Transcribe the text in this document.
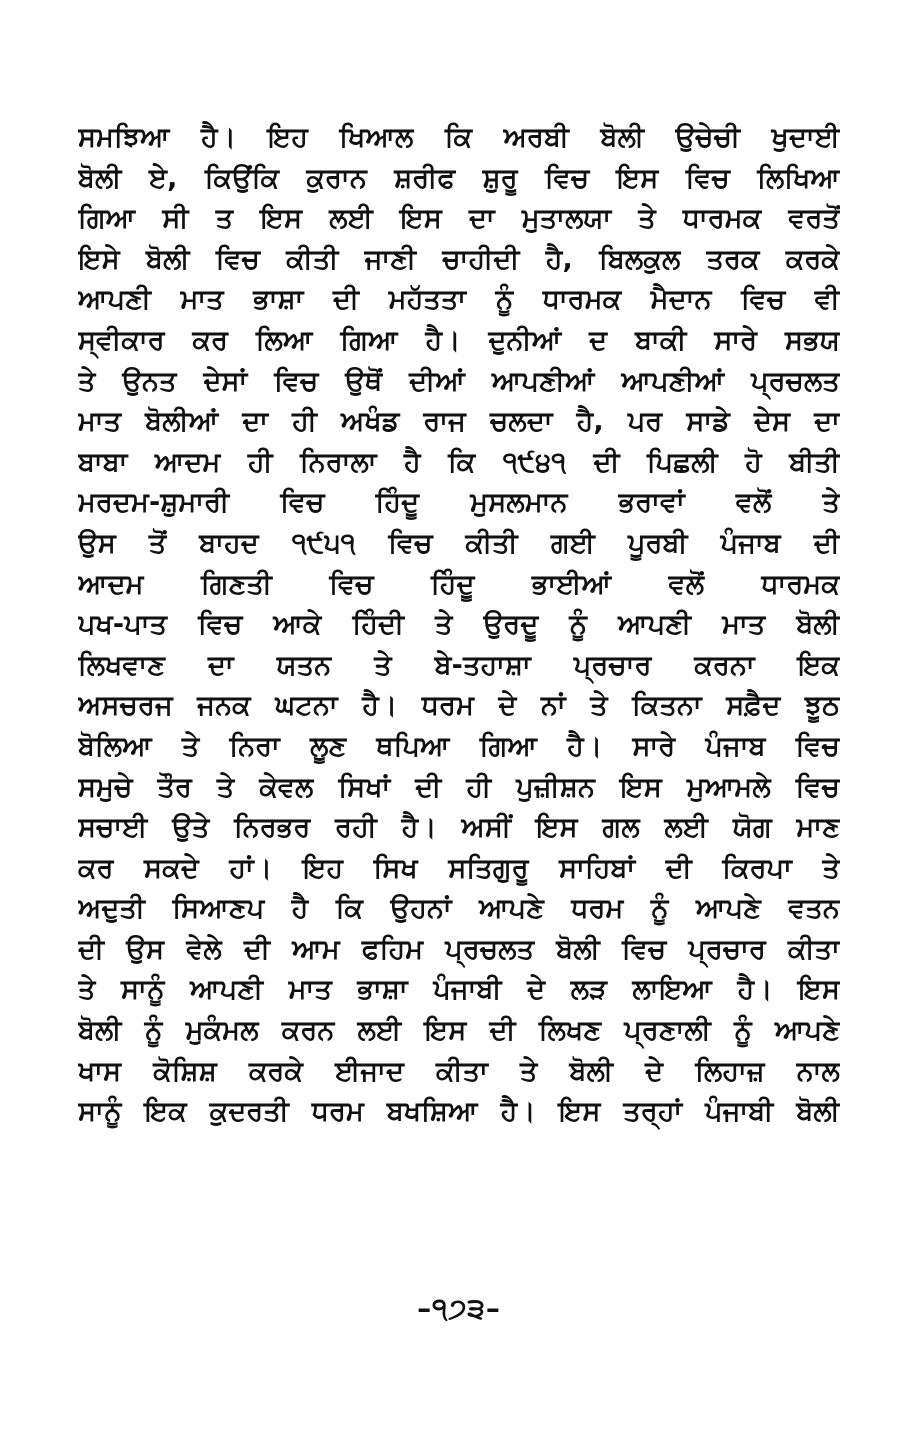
ਸਮਝਿਆ ਹੈ। ਇਹ ਖਿਆਲ ਕਿ ਅਰਬੀ ਬੋਲੀ ਉਚੇਚੀ ਖੁਦਾਈ
ਬੋਲੀ ਏ, ਕਿਉਂਕਿ ਕੁਰਾਨ ਸ਼ਰੀਫ ਸ਼ੁਰੂ ਵਿਚ ਇਸ ਵਿਚ ਲਿਖਿਆ
ਗਿਆ ਸੀ ਤ ਇਸ ਲਈ ਇਸ ਦਾ ਮੁਤਾਲਯਾ ਤੇ ਧਾਰਮਕ ਵਰਤੋਂ
ਇਸੇ ਬੋਲੀ ਵਿਚ ਕੀਤੀ ਜਾਣੀ ਚਾਹੀਦੀ ਹੈ, ਬਿਲਕੁਲ ਤਰਕ ਕਰਕੇ
ਆਪਣੀ ਮਾਤ ਭਾਸ਼ਾ ਦੀ ਮਹੱਤਤਾ ਨੂੰ ਧਾਰਮਕ ਮੈਦਾਨ ਵਿਚ ਵੀ
ਸ੍ਵੀਕਾਰ ਕਰ ਲਿਆ ਗਿਆ ਹੈ। ਦੁਨੀਆਂ ਦ ਬਾਕੀ ਸਾਰੇ ਸਭਯ
ਤੇ ਉਨਤ ਦੇਸਾਂ ਵਿਚ ਉਥੋਂ ਦੀਆਂ ਆਪਣੀਆਂ ਆਪਣੀਆਂ ਪ੍ਰਚਲਤ
ਮਾਤ ਬੋਲੀਆਂ ਦਾ ਹੀ ਅਖੰਡ ਰਾਜ ਚਲਦਾ ਹੈ, ਪਰ ਸਾਡੇ ਦੇਸ ਦਾ
ਬਾਬਾ ਆਦਮ ਹੀ ਨਿਰਾਲਾ ਹੈ ਕਿ ੧੯੪੧ ਦੀ ਪਿਛਲੀ ਹੋ ਬੀਤੀ
ਮਰਦਮ-ਸ਼ੁਮਾਰੀ ਵਿਚ ਹਿੰਦੂ ਮੁਸਲਮਾਨ ਭਰਾਵਾਂ ਵਲੋਂ ਤੇ
ਉਸ ਤੋਂ ਬਾਹਦ ੧੯੫੧ ਵਿਚ ਕੀਤੀ ਗਈ ਪੂਰਬੀ ਪੰਜਾਬ ਦੀ
ਆਦਮ ਗਿਣਤੀ ਵਿਚ ਹਿੰਦੂ ਭਾਈਆਂ ਵਲੋਂ ਧਾਰਮਕ
ਪਖ-ਪਾਤ ਵਿਚ ਆਕੇ ਹਿੰਦੀ ਤੇ ਉਰਦੂ ਨੂੰ ਆਪਣੀ ਮਾਤ ਬੋਲੀ
ਲਿਖਵਾਣ ਦਾ ਯਤਨ ਤੇ ਬੇ-ਤਹਾਸ਼ਾ ਪ੍ਰਚਾਰ ਕਰਨਾ ਇਕ
ਅਸਚਰਜ ਜਨਕ ਘਟਨਾ ਹੈ। ਧਰਮ ਦੇ ਨਾਂ ਤੇ ਕਿਤਨਾ ਸਫ਼ੈਦ ਝੂਠ
ਬੋਲਿਆ ਤੇ ਨਿਰਾ ਲੂਣ ਥਪਿਆ ਗਿਆ ਹੈ। ਸਾਰੇ ਪੰਜਾਬ ਵਿਚ
ਸਮੁਚੇ ਤੌਰ ਤੇ ਕੇਵਲ ਸਿਖਾਂ ਦੀ ਹੀ ਪੁਜ਼ੀਸ਼ਨ ਇਸ ਮੁਆਮਲੇ ਵਿਚ
ਸਚਾਈ ਉਤੇ ਨਿਰਭਰ ਰਹੀ ਹੈ। ਅਸੀਂ ਇਸ ਗਲ ਲਈ ਯੋਗ ਮਾਣ
ਕਰ ਸਕਦੇ ਹਾਂ। ਇਹ ਸਿਖ ਸਤਿਗੁਰੂ ਸਾਹਿਬਾਂ ਦੀ ਕਿਰਪਾ ਤੇ
ਅਦੁਤੀ ਸਿਆਣਪ ਹੈ ਕਿ ਉਹਨਾਂ ਆਪਣੇ ਧਰਮ ਨੂੰ ਆਪਣੇ ਵਤਨ
ਦੀ ਉਸ ਵੇਲੇ ਦੀ ਆਮ ਫਹਿਮ ਪ੍ਰਚਲਤ ਬੋਲੀ ਵਿਚ ਪ੍ਰਚਾਰ ਕੀਤਾ
ਤੇ ਸਾਨੂੰ ਆਪਣੀ ਮਾਤ ਭਾਸ਼ਾ ਪੰਜਾਬੀ ਦੇ ਲੜ ਲਾਇਆ ਹੈ। ਇਸ
ਬੋਲੀ ਨੂੰ ਮੁਕੰਮਲ ਕਰਨ ਲਈ ਇਸ ਦੀ ਲਿਖਣ ਪ੍ਰਣਾਲੀ ਨੂੰ ਆਪਣੇ
ਖਾਸ ਕੋਸ਼ਿਸ਼ ਕਰਕੇ ਈਜਾਦ ਕੀਤਾ ਤੇ ਬੋਲੀ ਦੇ ਲਿਹਾਜ਼ ਨਾਲ
ਸਾਨੂੰ ਇਕ ਕੁਦਰਤੀ ਧਰਮ ਬਖਸ਼ਿਆ ਹੈ। ਇਸ ਤਰ੍ਹਾਂ ਪੰਜਾਬੀ ਬੋਲੀ
–੧੭੩–
